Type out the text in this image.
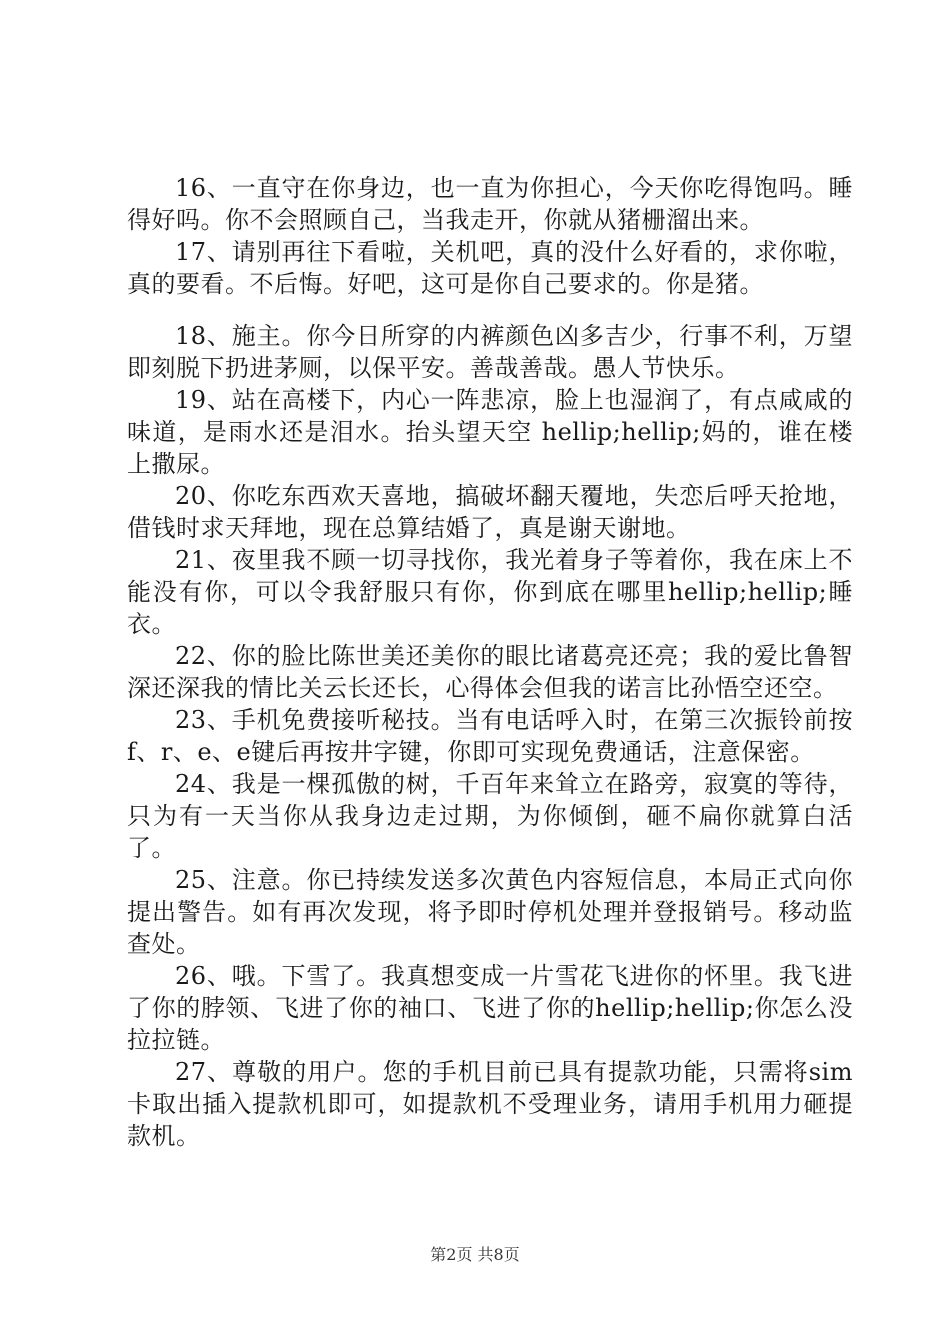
16、一直守在你身边，也一直为你担心，今天你吃得饱吗。睡得好吗。你不会照顾自己，当我走开，你就从猪栅溜出来。

17、请别再往下看啦，关机吧，真的没什么好看的，求你啦，真的要看。不后悔。好吧，这可是你自己要求的。你是猪。

18、施主。你今日所穿的内裤颜色凶多吉少，行事不利，万望即刻脱下扔进茅厕，以保平安。善哉善哉。愚人节快乐。

19、站在高楼下，内心一阵悲凉，脸上也湿润了，有点咸咸的味道，是雨水还是泪水。抬头望天空 hellip;hellip;妈的，谁在楼上撒尿。

20、你吃东西欢天喜地，搞破坏翻天覆地，失恋后呼天抢地，借钱时求天拜地，现在总算结婚了，真是谢天谢地。

21、夜里我不顾一切寻找你，我光着身子等着你，我在床上不能没有你，可以令我舒服只有你，你到底在哪里hellip;hellip;睡衣。

22、你的脸比陈世美还美你的眼比诸葛亮还亮；我的爱比鲁智深还深我的情比关云长还长，心得体会但我的诺言比孙悟空还空。

23、手机免费接听秘技。当有电话呼入时，在第三次振铃前按f、r、e、e键后再按井字键，你即可实现免费通话，注意保密。

24、我是一棵孤傲的树，千百年来耸立在路旁，寂寞的等待，只为有一天当你从我身边走过期，为你倾倒，砸不扁你就算白活了。

25、注意。你已持续发送多次黄色内容短信息，本局正式向你提出警告。如有再次发现，将予即时停机处理并登报销号。移动监查处。

26、哦。下雪了。我真想变成一片雪花飞进你的怀里。我飞进了你的脖领、飞进了你的袖口、飞进了你的hellip;hellip;你怎么没拉拉链。

27、尊敬的用户。您的手机目前已具有提款功能，只需将sim卡取出插入提款机即可，如提款机不受理业务，请用手机用力砸提款机。

第2页 共8页
